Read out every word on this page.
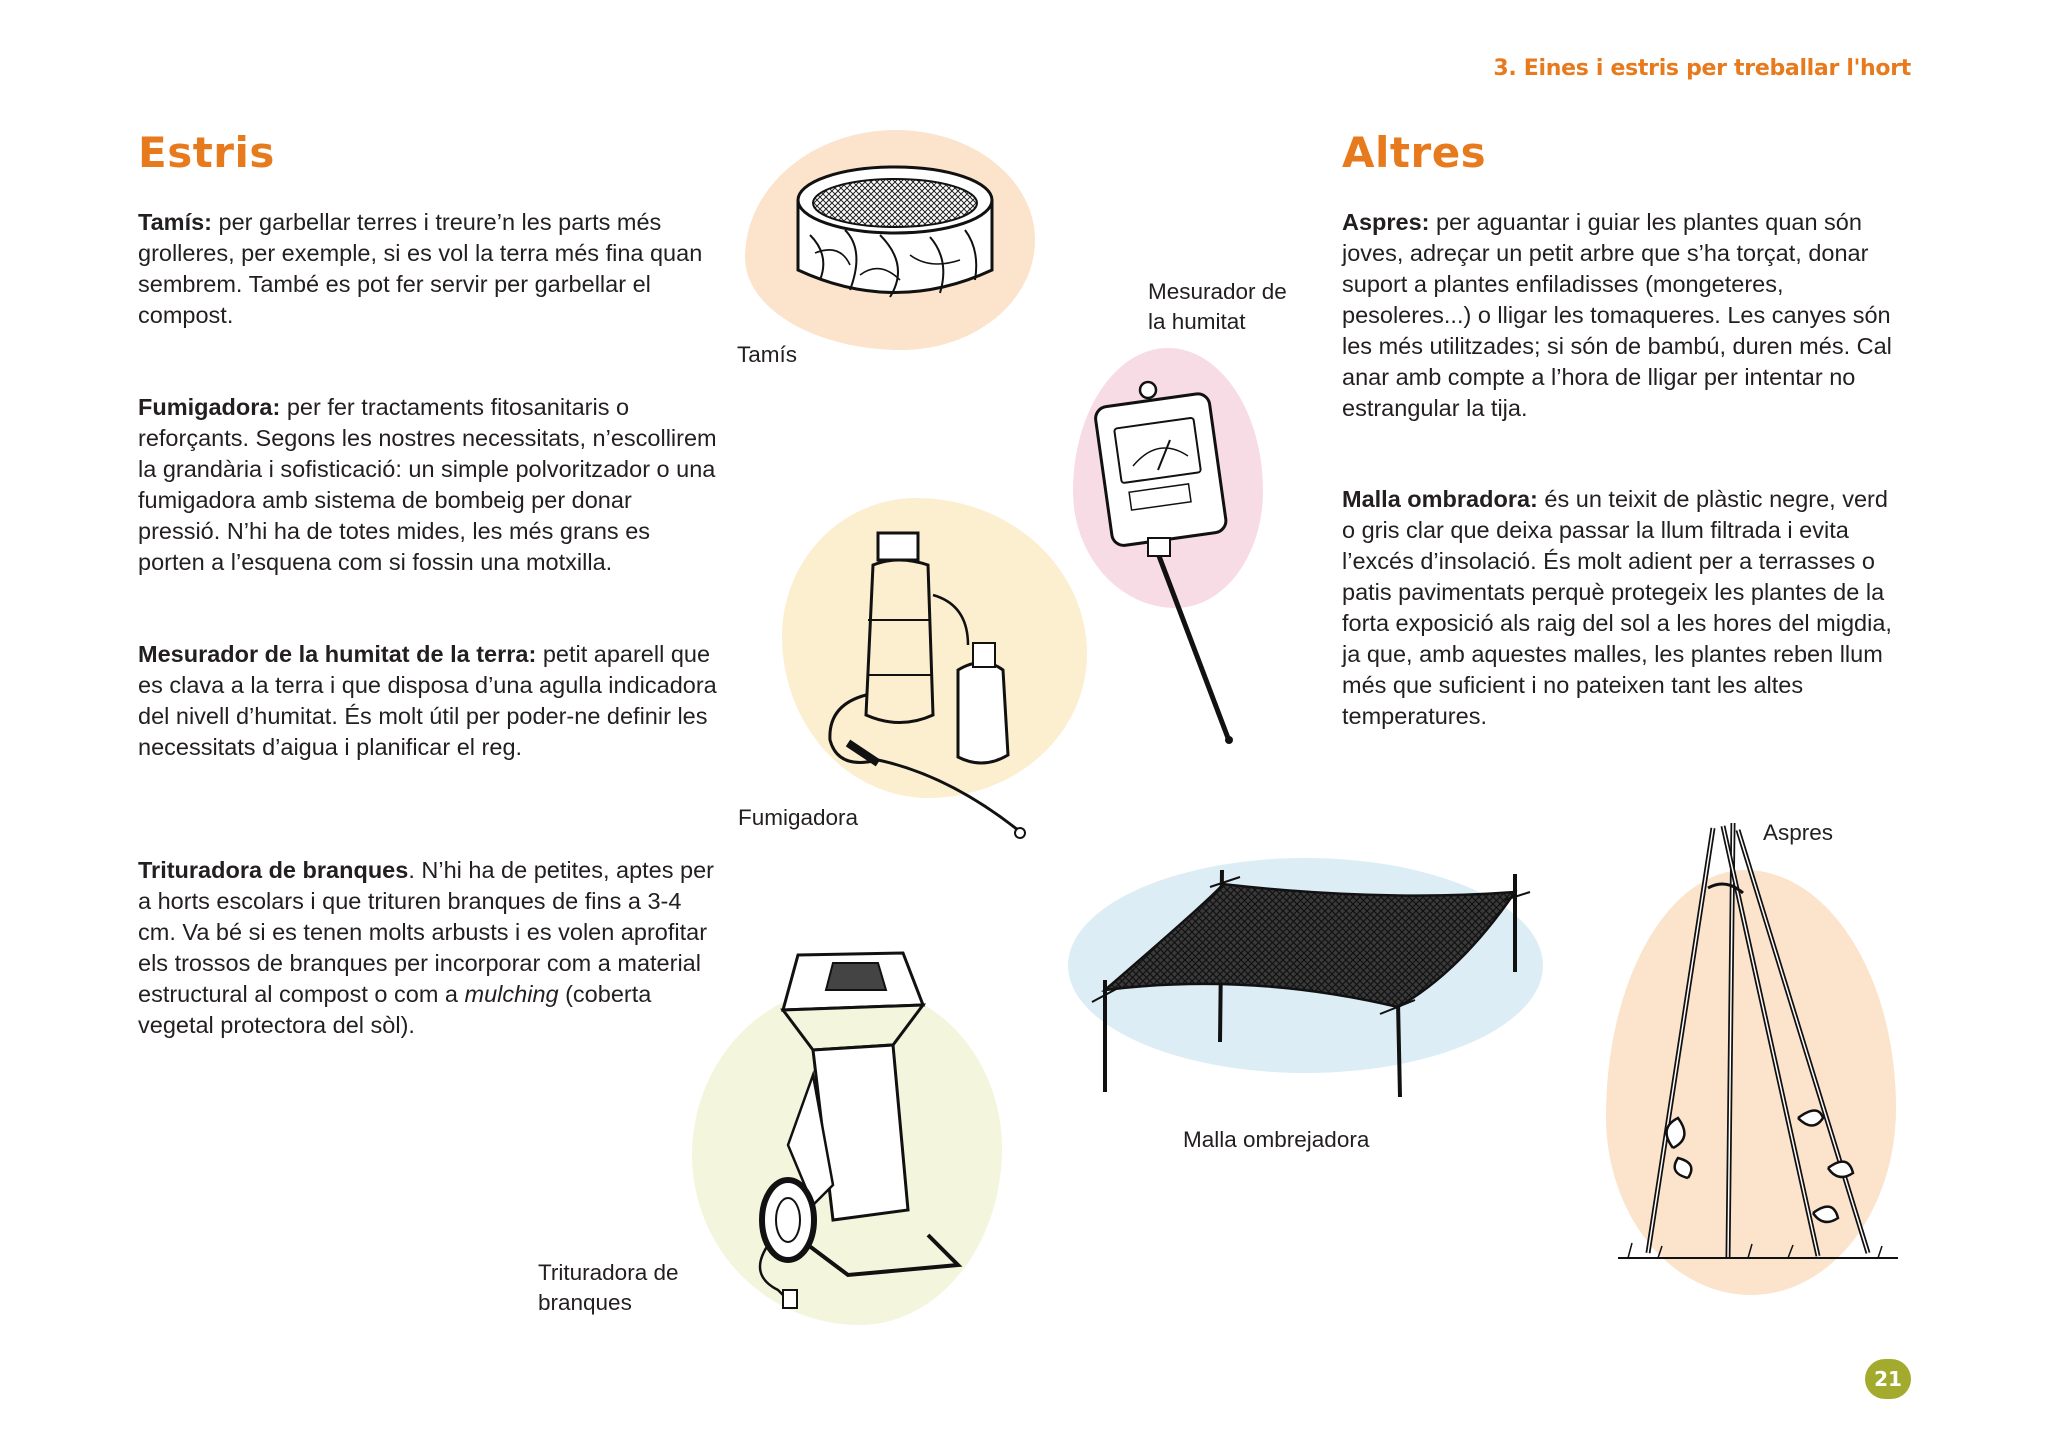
3. Eines i estris per treballar l'hort
Estris	Altres

Tamís: per garbellar terres i treure’n les parts més grolleres, per exemple, si es vol la terra més fina quan sembrem. També es pot fer servir per garbellar el compost.

Fumigadora: per fer tractaments fitosanitaris o reforçants. Segons les nostres necessitats, n’escollirem la grandària i sofisticació: un simple polvoritzador o una fumigadora amb sistema de bombeig per donar pressió. N’hi ha de totes mides, les més grans es porten a l’esquena com si fossin una motxilla.

Mesurador de la humitat de la terra: petit aparell que es clava a la terra i que disposa d’una agulla indicadora del nivell d’humitat. És molt útil per poder-ne definir les necessitats d’aigua i planificar el reg.

Trituradora de branques. N’hi ha de petites, aptes per a horts escolars i que trituren branques de fins a 3-4 cm. Va bé si es tenen molts arbusts i es volen aprofitar els trossos de branques per incorporar com a material estructural al compost o com a mulching (coberta vegetal protectora del sòl).

Aspres: per aguantar i guiar les plantes quan són joves, adreçar un petit arbre que s’ha torçat, donar suport a plantes enfiladisses (mongeteres, pesoleres...) o lligar les tomaqueres. Les canyes són les més utilitzades; si són de bambú, duren més. Cal anar amb compte a l’hora de lligar per intentar no estrangular la tija.

Malla ombradora: és un teixit de plàstic negre, verd o gris clar que deixa passar la llum filtrada i evita l’excés d’insolació. És molt adient per a terrasses o patis pavimentats perquè protegeix les plantes de la forta exposició als raig del sol a les hores del migdia, ja que, amb aquestes malles, les plantes reben llum més que suficient i no pateixen tant les altes temperatures.

Tamís
Mesurador de
la humitat
Fumigadora
Aspres
Malla ombrejadora
Trituradora de
branques
21
